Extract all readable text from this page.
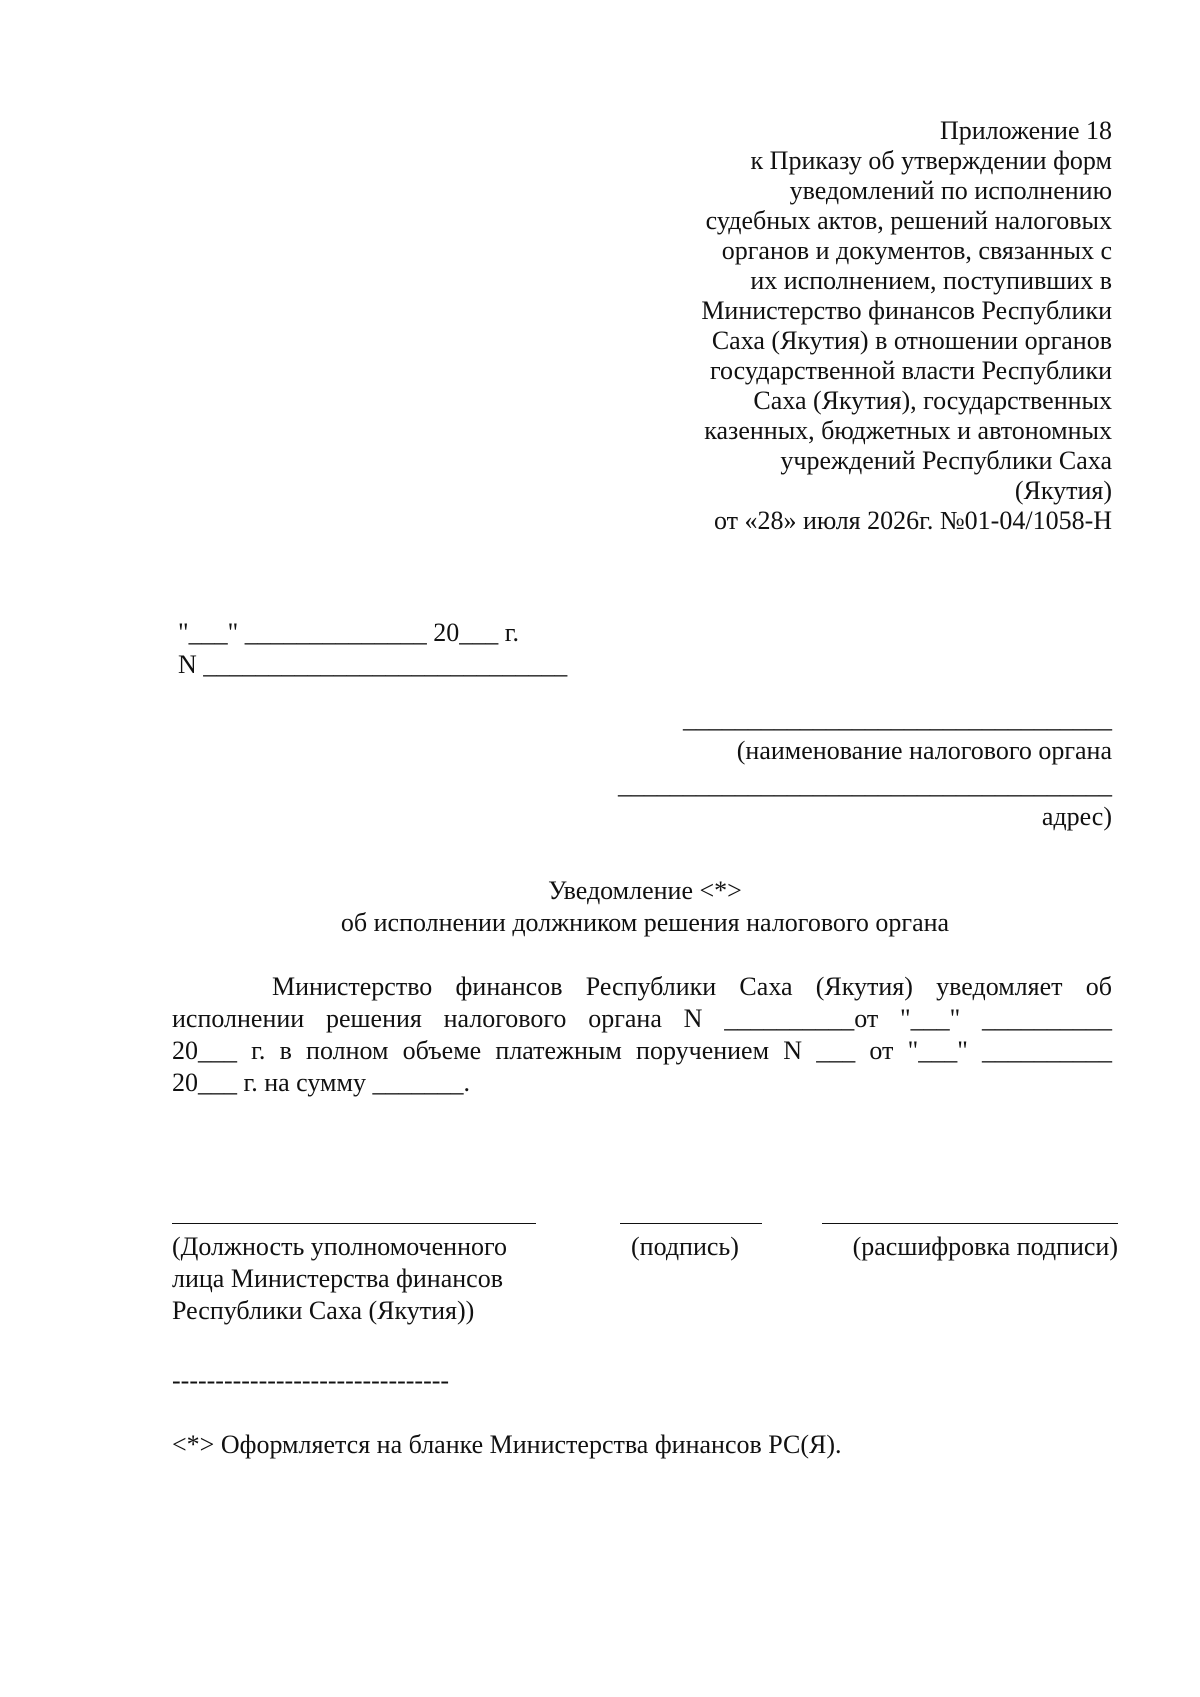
Приложение 18
к Приказу об утверждении форм
уведомлений по исполнению
судебных актов, решений налоговых
органов и документов, связанных с
их исполнением, поступивших в
Министерство финансов Республики
Саха (Якутия) в отношении органов
государственной власти Республики
Саха (Якутия), государственных
казенных, бюджетных и автономных
учреждений Республики Саха
(Якутия)
от «28» июля 2026г. №01-04/1058-Н
"___" ______________ 20___ г.
N ____________________________
_________________________________
(наименование налогового органа
______________________________________
адрес)
Уведомление <*>
об исполнении должником решения налогового органа
Министерство финансов Республики Саха (Якутия) уведомляет об
исполнении решения налогового органа N __________от "___" __________
20___ г. в полном объеме платежным поручением N ___ от "___" __________
20___ г. на сумму _______.
(Должность уполномоченного
лица Министерства финансов
Республики Саха (Якутия))
(подпись)	(расшифровка подписи)
--------------------------------
<*> Оформляется на бланке Министерства финансов РС(Я).
